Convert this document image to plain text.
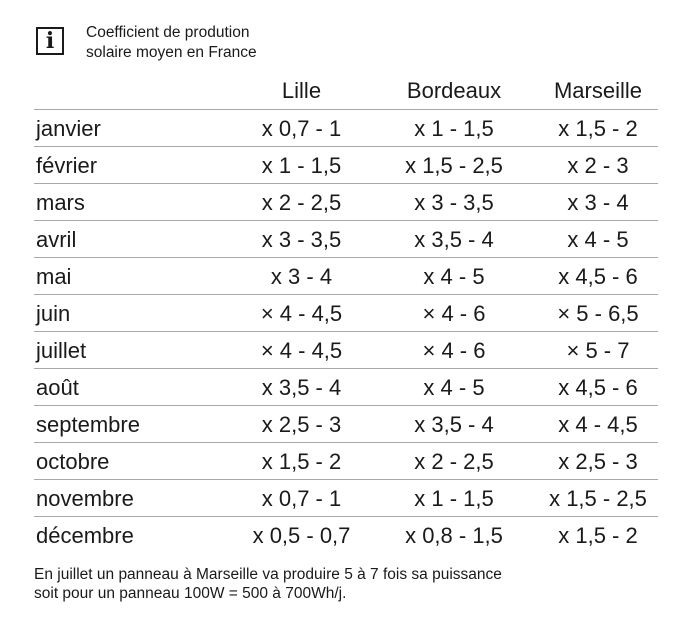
i Coefficient de prodution
solaire moyen en France
Lille	Bordeaux	Marseille
janvier	x 0,7 - 1	x 1 - 1,5	x 1,5 - 2
février	x 1 - 1,5	x 1,5 - 2,5	x 2 - 3
mars	x 2 - 2,5	x 3 - 3,5	x 3 - 4
avril	x 3 - 3,5	x 3,5 - 4	x 4 - 5
mai	x 3 - 4	x 4 - 5	x 4,5 - 6
juin	× 4 - 4,5	× 4 - 6	× 5 - 6,5
juillet	× 4 - 4,5	× 4 - 6	× 5 - 7
août	x 3,5 - 4	x 4 - 5	x 4,5 - 6
septembre	x 2,5 - 3	x 3,5 - 4	x 4 - 4,5
octobre	x 1,5 - 2	x 2 - 2,5	x 2,5 - 3
novembre	x 0,7 - 1	x 1 - 1,5	x 1,5 - 2,5
décembre	x 0,5 - 0,7	x 0,8 - 1,5	x 1,5 - 2
En juillet un panneau à Marseille va produire 5 à 7 fois sa puissance
soit pour un panneau 100W = 500 à 700Wh/j.
